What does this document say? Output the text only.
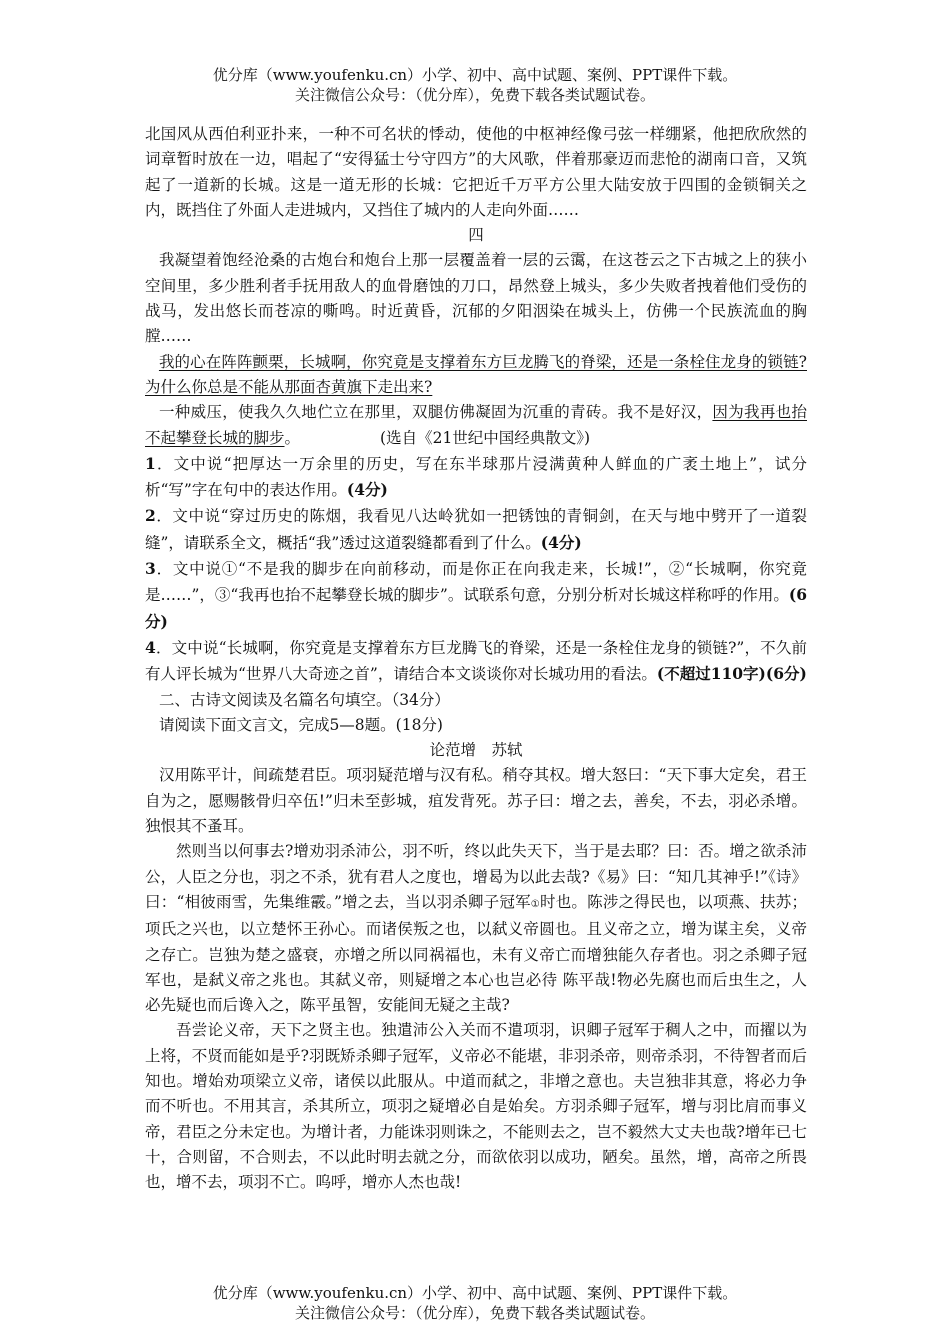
优分库（www.youfenku.cn）小学、初中、高中试题、案例、PPT课件下载。
关注微信公众号：（优分库），免费下载各类试题试卷。

北国风从西伯利亚扑来，一种不可名状的悸动，使他的中枢神经像弓弦一样绷紧，他把欣欣然的词章暂时放在一边，唱起了“安得猛士兮守四方”的大风歌，伴着那豪迈而悲怆的湖南口音，又筑起了一道新的长城。这是一道无形的长城：它把近千万平方公里大陆安放于四围的金锁铜关之内，既挡住了外面人走进城内，又挡住了城内的人走向外面……

四

我凝望着饱经沧桑的古炮台和炮台上那一层覆盖着一层的云霭，在这苍云之下古城之上的狭小空间里，多少胜利者手抚用敌人的血骨磨蚀的刀口，昂然登上城头，多少失败者拽着他们受伤的战马，发出悠长而苍凉的嘶鸣。时近黄昏，沉郁的夕阳洇染在城头上，仿佛一个民族流血的胸膛……

我的心在阵阵颤栗，长城啊，你究竟是支撑着东方巨龙腾飞的脊梁，还是一条栓住龙身的锁链?为什么你总是不能从那面杏黄旗下走出来?

一种威压，使我久久地伫立在那里，双腿仿佛凝固为沉重的青砖。我不是好汉，因为我再也抬不起攀登长城的脚步。	(选自《21世纪中国经典散文》)

1．文中说“把厚达一万余里的历史，写在东半球那片浸满黄种人鲜血的广袤土地上”，试分析“写”字在句中的表达作用。(4分)

2．文中说“穿过历史的陈烟，我看见八达岭犹如一把锈蚀的青铜剑，在天与地中劈开了一道裂缝”，请联系全文，概括“我”透过这道裂缝都看到了什么。(4分)

3．文中说①“不是我的脚步在向前移动，而是你正在向我走来，长城!”，②“长城啊，你究竟是……”，③“我再也抬不起攀登长城的脚步”。试联系句意，分别分析对长城这样称呼的作用。(6分)

4．文中说“长城啊，你究竟是支撑着东方巨龙腾飞的脊梁，还是一条栓住龙身的锁链?”，不久前有人评长城为“世界八大奇迹之首”，请结合本文谈谈你对长城功用的看法。(不超过110字)(6分)

二、古诗文阅读及名篇名句填空。（34分）

请阅读下面文言文，完成5—8题。(18分)

论范增　苏轼

汉用陈平计，间疏楚君臣。项羽疑范增与汉有私。稍夺其权。增大怒曰：“天下事大定矣，君王自为之，愿赐骸骨归卒伍!”归未至彭城，疽发背死。苏子曰：增之去，善矣，不去，羽必杀增。独恨其不蚤耳。

然则当以何事去?增劝羽杀沛公，羽不听，终以此失天下，当于是去耶？曰：否。增之欲杀沛公，人臣之分也，羽之不杀，犹有君人之度也，增曷为以此去哉?《易》曰：“知几其神乎!”《诗》曰：“相彼雨雪，先集维霰。”增之去，当以羽杀卿子冠军①时也。陈涉之得民也，以项燕、扶苏；项氏之兴也，以立楚怀王孙心。而诸侯叛之也，以弑义帝圆也。且义帝之立，增为谋主矣，义帝之存亡。岂独为楚之盛衰，亦增之所以同祸福也，未有义帝亡而增独能久存者也。羽之杀卿子冠军也，是弑义帝之兆也。其弑义帝，则疑增之本心也岂必待 陈平哉!物必先腐也而后虫生之，人必先疑也而后谗入之，陈平虽智，安能间无疑之主哉?

吾尝论义帝，天下之贤主也。独遣沛公入关而不遣项羽，识卿子冠军于稠人之中，而擢以为上将，不贤而能如是乎?羽既矫杀卿子冠军，义帝必不能堪，非羽杀帝，则帝杀羽，不待智者而后知也。增始劝项梁立义帝，诸侯以此服从。中道而弑之，非增之意也。夫岂独非其意，将必力争而不听也。不用其言，杀其所立，项羽之疑增必自是始矣。方羽杀卿子冠军，增与羽比肩而事义帝，君臣之分未定也。为增计者，力能诛羽则诛之，不能则去之，岂不毅然大丈夫也哉?增年已七十，合则留，不合则去，不以此时明去就之分，而欲依羽以成功，陋矣。虽然，增，高帝之所畏也，增不去，项羽不亡。呜呼，增亦人杰也哉!

优分库（www.youfenku.cn）小学、初中、高中试题、案例、PPT课件下载。
关注微信公众号：（优分库），免费下载各类试题试卷。
